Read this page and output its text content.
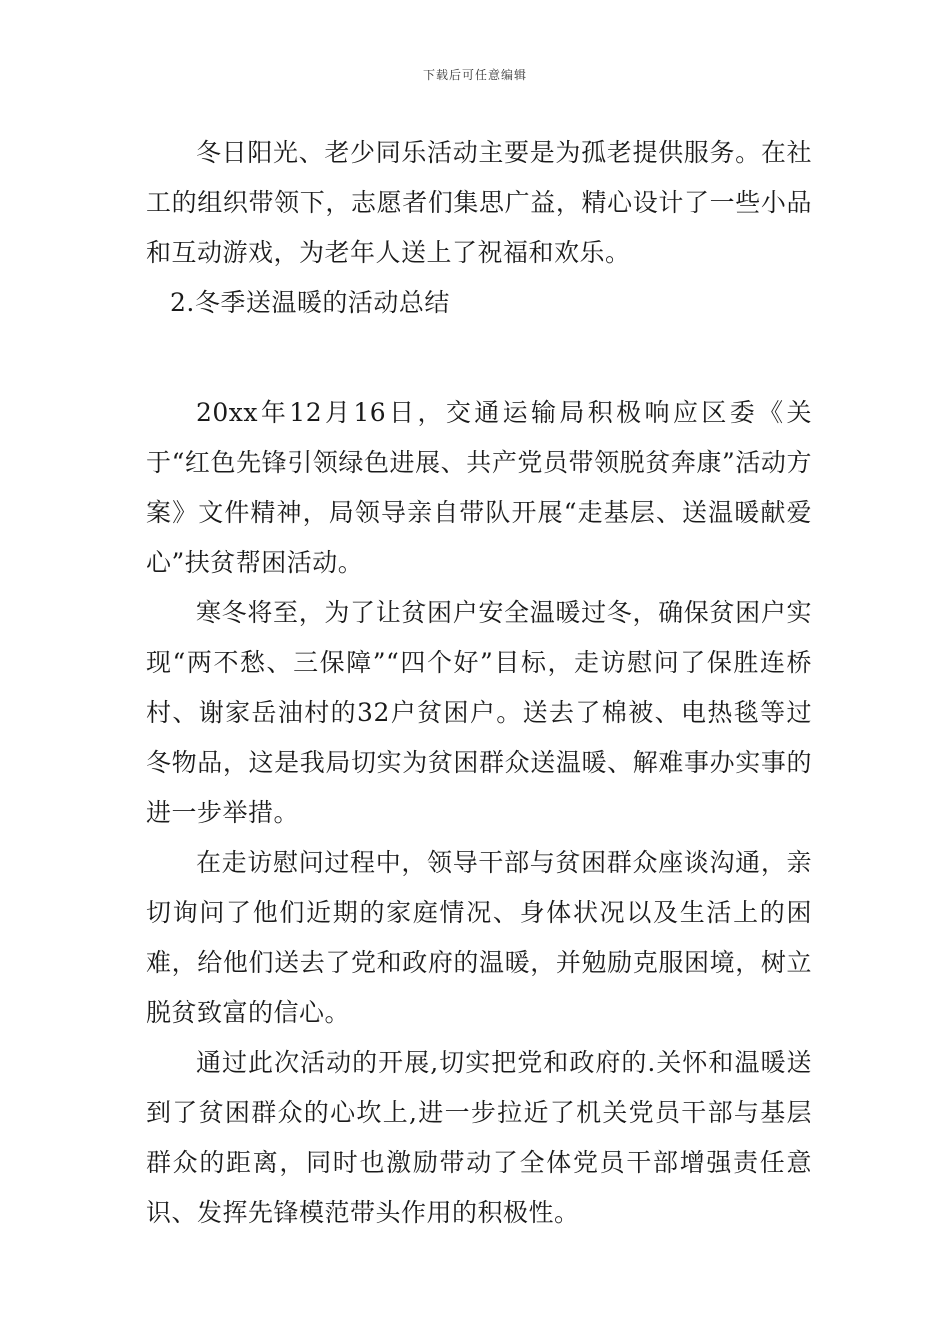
下载后可任意编辑

冬日阳光、老少同乐活动主要是为孤老提供服务。在社工的组织带领下，志愿者们集思广益，精心设计了一些小品和互动游戏，为老年人送上了祝福和欢乐。

2.冬季送温暖的活动总结

20xx年12月16日，交通运输局积极响应区委《关于“红色先锋引领绿色进展、共产党员带领脱贫奔康”活动方案》文件精神，局领导亲自带队开展“走基层、送温暖献爱心”扶贫帮困活动。

寒冬将至，为了让贫困户安全温暖过冬，确保贫困户实现“两不愁、三保障”“四个好”目标，走访慰问了保胜连桥村、谢家岳油村的32户贫困户。送去了棉被、电热毯等过冬物品，这是我局切实为贫困群众送温暖、解难事办实事的进一步举措。

在走访慰问过程中，领导干部与贫困群众座谈沟通，亲切询问了他们近期的家庭情况、身体状况以及生活上的困难，给他们送去了党和政府的温暖，并勉励克服困境，树立脱贫致富的信心。

通过此次活动的开展,切实把党和政府的.关怀和温暖送到了贫困群众的心坎上,进一步拉近了机关党员干部与基层群众的距离，同时也激励带动了全体党员干部增强责任意识、发挥先锋模范带头作用的积极性。
